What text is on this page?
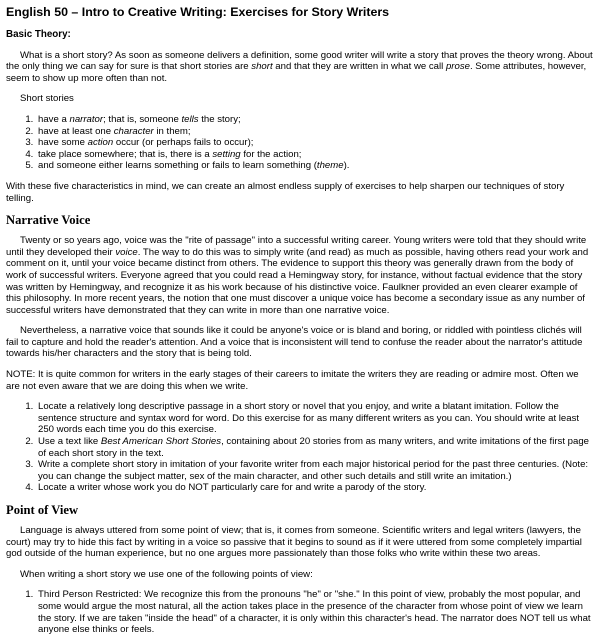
English 50 – Intro to Creative Writing: Exercises for Story Writers
Basic Theory:

What is a short story? As soon as someone delivers a definition, some good writer will write a story that proves the theory wrong. About the only thing we can say for sure is that short stories are short and that they are written in what we call prose. Some attributes, however, seem to show up more often than not.

Short stories

1. have a narrator; that is, someone tells the story;
2. have at least one character in them;
3. have some action occur (or perhaps fails to occur);
4. take place somewhere; that is, there is a setting for the action;
5. and someone either learns something or fails to learn something (theme).

With these five characteristics in mind, we can create an almost endless supply of exercises to help sharpen our techniques of story telling.

Narrative Voice

Twenty or so years ago, voice was the "rite of passage" into a successful writing career. Young writers were told that they should write until they developed their voice. The way to do this was to simply write (and read) as much as possible, having others read your work and comment on it, until your voice became distinct from others. The evidence to support this theory was generally drawn from the body of work of successful writers. Everyone agreed that you could read a Hemingway story, for instance, without factual evidence that the story was written by Hemingway, and recognize it as his work because of his distinctive voice. Faulkner provided an even clearer example of this philosophy. In more recent years, the notion that one must discover a unique voice has become a secondary issue as any number of successful writers have demonstrated that they can write in more than one narrative voice.

Nevertheless, a narrative voice that sounds like it could be anyone's voice or is bland and boring, or riddled with pointless clichés will fail to capture and hold the reader's attention. And a voice that is inconsistent will tend to confuse the reader about the narrator's attitude towards his/her characters and the story that is being told.

NOTE: It is quite common for writers in the early stages of their careers to imitate the writers they are reading or admire most. Often we are not even aware that we are doing this when we write.

1. Locate a relatively long descriptive passage in a short story or novel that you enjoy, and write a blatant imitation. Follow the sentence structure and syntax word for word. Do this exercise for as many different writers as you can. You should write at least 250 words each time you do this exercise.
2. Use a text like Best American Short Stories, containing about 20 stories from as many writers, and write imitations of the first page of each short story in the text.
3. Write a complete short story in imitation of your favorite writer from each major historical period for the past three centuries. (Note: you can change the subject matter, sex of the main character, and other such details and still write an imitation.)
4. Locate a writer whose work you do NOT particularly care for and write a parody of the story.
Point of View

Language is always uttered from some point of view; that is, it comes from someone. Scientific writers and legal writers (lawyers, the court) may try to hide this fact by writing in a voice so passive that it begins to sound as if it were uttered from some completely impartial god outside of the human experience, but no one argues more passionately than those folks who write within these two areas.

When writing a short story we use one of the following points of view:

1. Third Person Restricted: We recognize this from the pronouns "he" or "she." In this point of view, probably the most popular, and some would argue the most natural, all the action takes place in the presence of the character from whose point of view we learn the story. If we are taken "inside the head" of a character, it is only within this character's head. The narrator does NOT tell us what anyone else thinks or feels.
